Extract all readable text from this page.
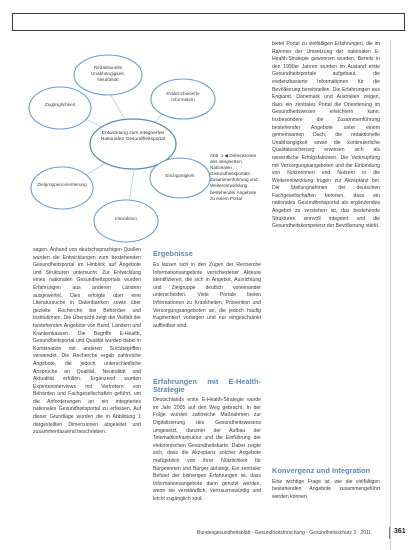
Entwicklung zum integrierten Nationalen Gesundheitsportal
Redaktionelle Unabhängigkeit, Neutralität
Evidenzbasierte Information
Einzigartigkeit
Interaktion
Zielgruppenorientierung
Zugänglichkeit
Abb. 1 ◀ Dimensionen des integrierten Nationalen Gesundheitsportals: Zusammenführung und Weiterentwicklung bestehender Angebote zu einem Portal

sagen. Anhand von deutschsprachigen Quellen wurden die Entwicklungen zum bestehenden Gesundheitsportal im Hinblick auf Angebote und Strukturen untersucht. Zur Entwicklung eines nationalen Gesundheitsportals wurden Erfahrungen aus anderen Ländern ausgewertet. Dies erfolgte über eine Literatursuche in Datenbanken sowie über gezielte Recherche bei Behörden und Institutionen. Die Übersicht zeigt die Vielfalt der bestehenden Angebote von Bund, Ländern und Krankenkassen. Die Begriffe E-Health, Gesundheitsportal und Qualität wurden dabei in Kombination mit anderen Suchbegriffen verwendet. Die Recherche ergab zahlreiche Angebote, die jedoch unterschiedliche Ansprüche an Qualität, Neutralität und Aktualität erfüllen. Ergänzend wurden Experteninterviews mit Vertretern von Behörden und Fachgesellschaften geführt, um die Anforderungen an ein integriertes nationales Gesundheitsportal zu erfassen. Auf dieser Grundlage wurden die in Abbildung 1 dargestellten Dimensionen abgeleitet und zusammenfassend beschrieben.

Ergebnisse

Es lassen sich in den Zügen der Recherche Informationsangebote verschiedener Akteure identifizieren, die sich in Angebot, Ausrichtung und Zielgruppe deutlich voneinander unterscheiden. Viele Portale bieten Informationen zu Krankheiten, Prävention und Versorgungsangeboten an, die jedoch häufig fragmentiert vorliegen und nur eingeschränkt auffindbar sind.

Erfahrungen mit E-Health-Strategie

Deutschlands erste E-Health-Strategie wurde im Jahr 2005 auf den Weg gebracht. In der Folge wurden zahlreiche Maßnahmen zur Digitalisierung des Gesundheitswesens umgesetzt, darunter der Aufbau der Telematikinfrastruktur und die Einführung der elektronischen Gesundheitskarte. Dabei zeigte sich, dass die Akzeptanz solcher Angebote maßgeblich von ihrer Nützlichkeit für Bürgerinnen und Bürger abhängt. Ein zentraler Befund der bisherigen Erfahrungen ist, dass Informationsangebote dann genutzt werden, wenn sie verständlich, vertrauenswürdig und leicht zugänglich sind.

bietet Portal zu vielfältigen Erfahrungen, die im Rahmen der Umsetzung der nationalen E-Health-Strategie gewonnen wurden. Bereits in den 1990er Jahren wurden im Ausland erste Gesundheitsportale aufgebaut, die evidenzbasierte Informationen für die Bevölkerung bereitstellen. Die Erfahrungen aus England, Dänemark und Australien zeigen, dass ein zentrales Portal die Orientierung im Gesundheitswesen erleichtern kann. Insbesondere die Zusammenführung bestehender Angebote unter einem gemeinsamen Dach, die redaktionelle Unabhängigkeit sowie die kontinuierliche Qualitätssicherung erwiesen sich als wesentliche Erfolgsfaktoren. Die Verknüpfung mit Versorgungsangeboten und die Einbindung von Nutzerinnen und Nutzern in die Weiterentwicklung trugen zur Akzeptanz bei. Die Stellungnahmen der deutschen Fachgesellschaften betonen, dass ein nationales Gesundheitsportal als ergänzendes Angebot zu verstehen ist, das bestehende Strukturen sinnvoll integriert und die Gesundheitskompetenz der Bevölkerung stärkt.

Konvergenz und Integration

Eine wichtige Frage ist, wie die vielfältigen bestehenden Angebote zusammengeführt werden können.

Bundesgesundheitsblatt - Gesundheitsforschung - Gesundheitsschutz 3 · 2011	361
